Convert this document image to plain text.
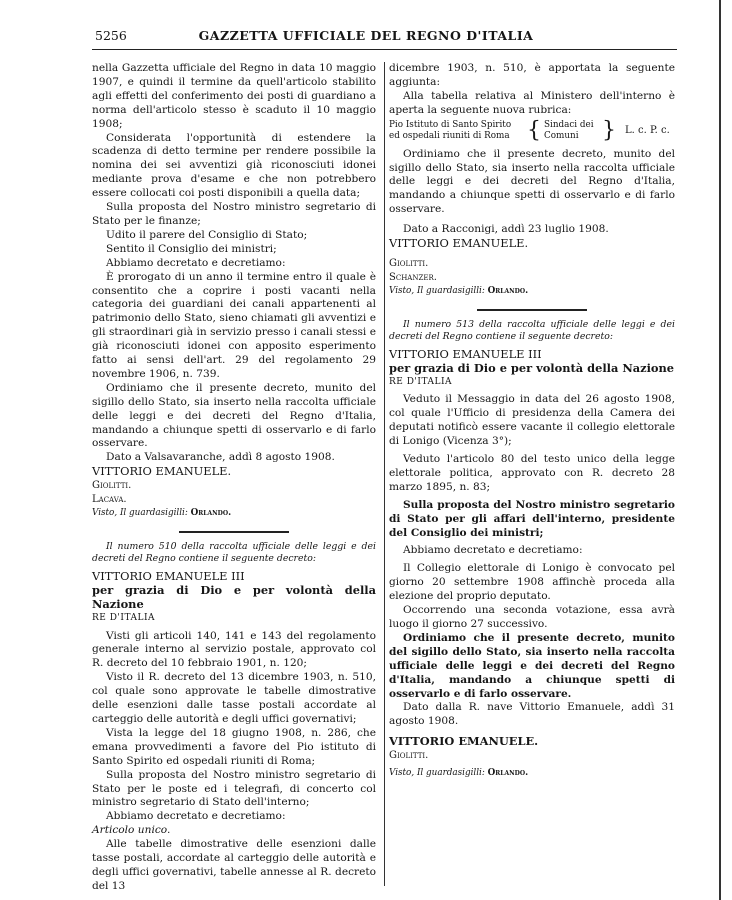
5256	GAZZETTA UFFICIALE DEL REGNO D'ITALIA

nella Gazzetta ufficiale del Regno in data 10 maggio 1907, e quindi il termine da quell'articolo stabilito agli effetti del conferimento dei posti di guardiano a norma dell'articolo stesso è scaduto il 10 maggio 1908;

Considerata l'opportunità di estendere la scadenza di detto termine per rendere possibile la nomina dei sei avventizi già riconosciuti idonei mediante prova d'esame e che non potrebbero essere collocati coi posti disponibili a quella data;

Sulla proposta del Nostro ministro segretario di Stato per le finanze;

Udito il parere del Consiglio di Stato;

Sentito il Consiglio dei ministri;

Abbiamo decretato e decretiamo:

È prorogato di un anno il termine entro il quale è consentito che a coprire i posti vacanti nella categoria dei guardiani dei canali appartenenti al patrimonio dello Stato, sieno chiamati gli avventizi e gli straordinari già in servizio presso i canali stessi e già riconosciuti idonei con apposito esperimento fatto ai sensi dell'art. 29 del regolamento 29 novembre 1906, n. 739.

Ordiniamo che il presente decreto, munito del sigillo dello Stato, sia inserto nella raccolta ufficiale delle leggi e dei decreti del Regno d'Italia, mandando a chiunque spetti di osservarlo e di farlo osservare.

Dato a Valsavaranche, addì 8 agosto 1908.

VITTORIO EMANUELE.

Giolitti.

Lacava.

Visto, Il guardasigilli: Orlando.

Il numero 510 della raccolta ufficiale delle leggi e dei decreti del Regno contiene il seguente decreto:

VITTORIO EMANUELE III

per grazia di Dio e per volontà della Nazione

RE D'ITALIA

Visti gli articoli 140, 141 e 143 del regolamento generale interno al servizio postale, approvato col R. decreto del 10 febbraio 1901, n. 120;

Visto il R. decreto del 13 dicembre 1903, n. 510, col quale sono approvate le tabelle dimostrative delle esenzioni dalle tasse postali accordate al carteggio delle autorità e degli uffici governativi;

Vista la legge del 18 giugno 1908, n. 286, che emana provvedimenti a favore del Pio istituto di Santo Spirito ed ospedali riuniti di Roma;

Sulla proposta del Nostro ministro segretario di Stato per le poste ed i telegrafi, di concerto col ministro segretario di Stato dell'interno;

Abbiamo decretato e decretiamo:

Articolo unico.

Alle tabelle dimostrative delle esenzioni dalle tasse postali, accordate al carteggio delle autorità e degli uffici governativi, tabelle annesse al R. decreto del 13

dicembre 1903, n. 510, è apportata la seguente aggiunta:

Alla tabella relativa al Ministero dell'interno è aperta la seguente nuova rubrica:

Pio Istituto di Santo Spirito ed ospedali riuniti di Roma { Sindaci dei Comuni	} L. c. P. c.

Ordiniamo che il presente decreto, munito del sigillo dello Stato, sia inserto nella raccolta ufficiale delle leggi e dei decreti del Regno d'Italia, mandando a chiunque spetti di osservarlo e di farlo osservare.

Dato a Racconigi, addì 23 luglio 1908.

VITTORIO EMANUELE.

Giolitti.

Schanzer.

Visto, Il guardasigilli: Orlando.

Il numero 513 della raccolta ufficiale delle leggi e dei decreti del Regno contiene il seguente decreto:

VITTORIO EMANUELE III

per grazia di Dio e per volontà della Nazione

RE D'ITALIA

Veduto il Messaggio in data del 26 agosto 1908, col quale l'Ufficio di presidenza della Camera dei deputati notificò essere vacante il collegio elettorale di Lonigo (Vicenza 3°);

Veduto l'articolo 80 del testo unico della legge elettorale politica, approvato con R. decreto 28 marzo 1895, n. 83;

Sulla proposta del Nostro ministro segretario di Stato per gli affari dell'interno, presidente del Consiglio dei ministri;

Abbiamo decretato e decretiamo:

Il Collegio elettorale di Lonigo è convocato pel giorno 20 settembre 1908 affinchè proceda alla elezione del proprio deputato.

Occorrendo una seconda votazione, essa avrà luogo il giorno 27 successivo.

Ordiniamo che il presente decreto, munito del sigillo dello Stato, sia inserto nella raccolta ufficiale delle leggi e dei decreti del Regno d'Italia, mandando a chiunque spetti di osservarlo e di farlo osservare.

Dato dalla R. nave Vittorio Emanuele, addì 31 agosto 1908.

VITTORIO EMANUELE.

Giolitti.

Visto, Il guardasigilli: Orlando.
